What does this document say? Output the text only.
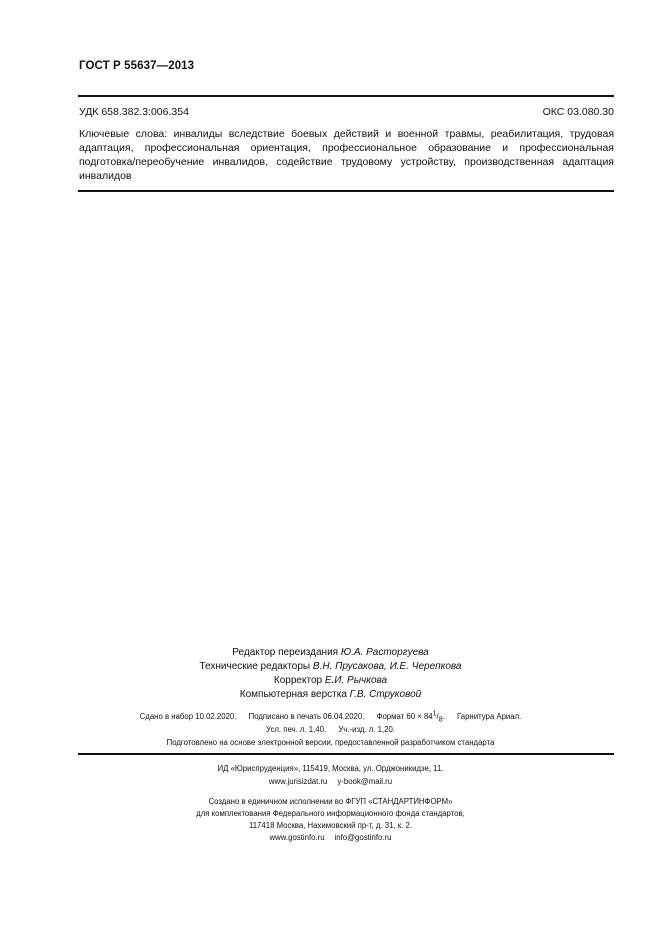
ГОСТ Р 55637—2013
УДК 658.382.3:006.354	ОКС 03.080.30
Ключевые слова: инвалиды вследствие боевых действий и военной травмы, реабилитация, трудовая адаптация, профессиональная ориентация, профессиональное образование и профессиональная подготовка/переобучение инвалидов, содействие трудовому устройству, производственная адаптация инвалидов
Редактор переиздания Ю.А. Расторгуева
Технические редакторы В.Н. Прусакова, И.Е. Черепкова
Корректор Е.И. Рычкова
Компьютерная верстка Г.В. Струковой
Сдано в набор 10.02.2020. Подписано в печать 06.04.2020. Формат 60 × 841/8. Гарнитура Ариал.
Усл. печ. л. 1,40. Уч.-изд. л. 1,20.
Подготовлено на основе электронной версии, предоставленной разработчиком стандарта
ИД «Юриспруденция», 115419, Москва, ул. Орджоникидзе, 11.
www.jurisizdat.ru y-book@mail.ru
Создано в единичном исполнении во ФГУП «СТАНДАРТИНФОРМ»
для комплектования Федерального информационного фонда стандартов,
117418 Москва, Нахимовский пр-т, д. 31, к. 2.
www.gostinfo.ru info@gostinfo.ru
